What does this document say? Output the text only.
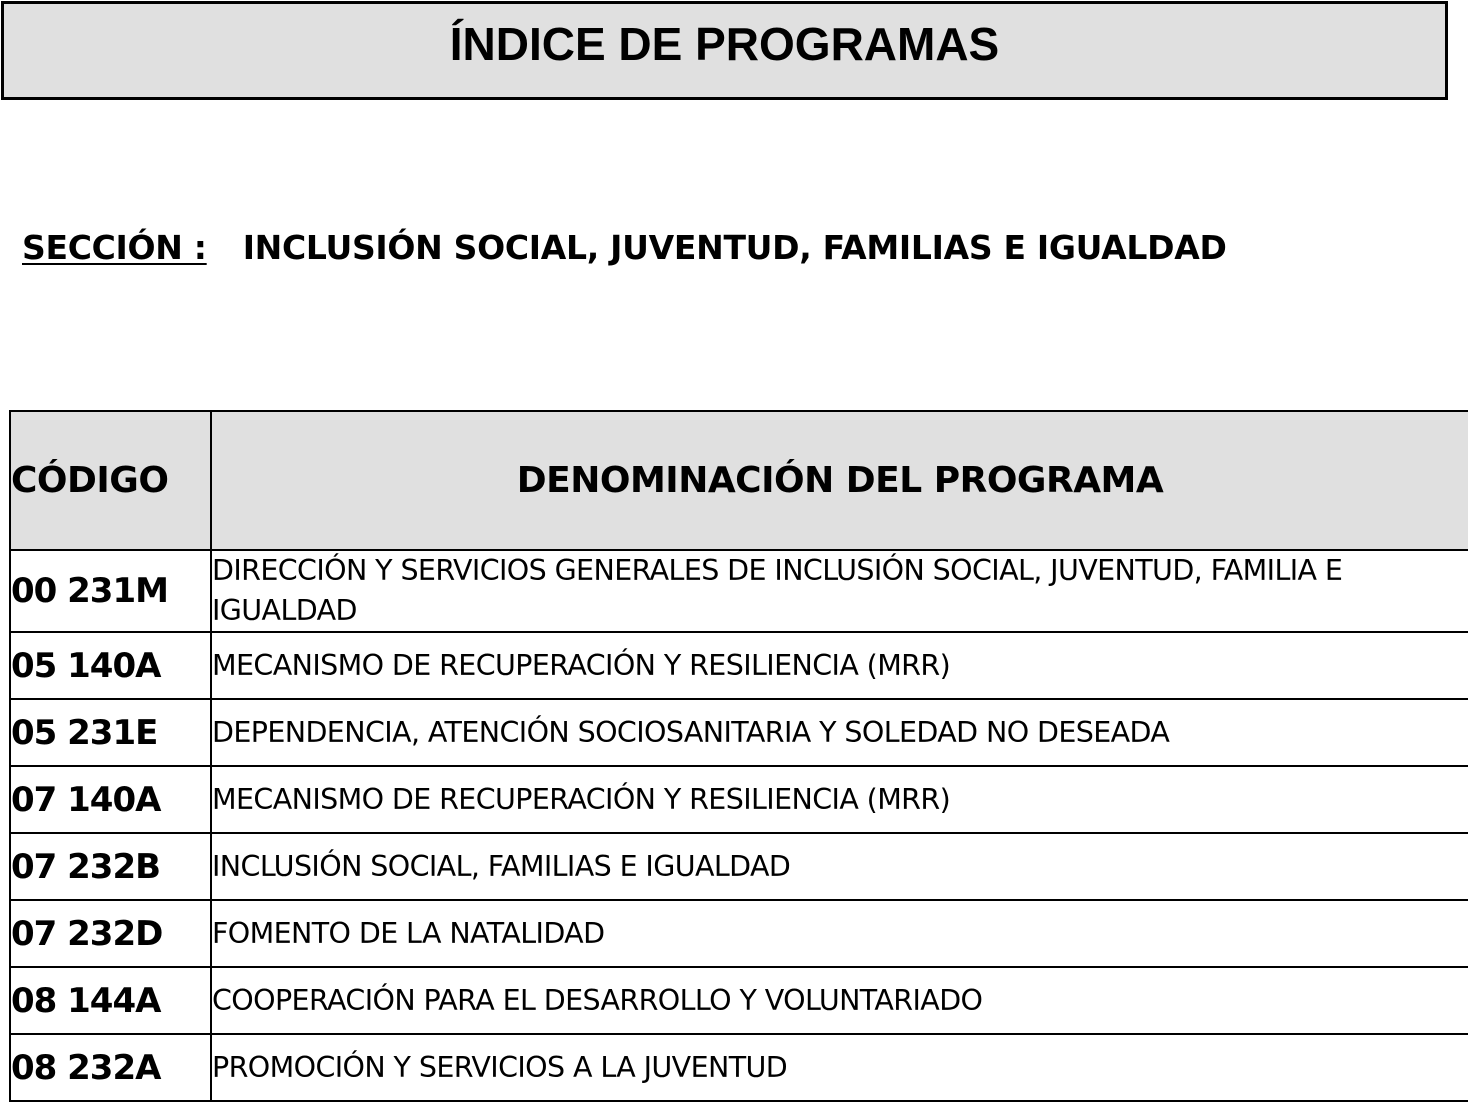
ÍNDICE DE PROGRAMAS
SECCIÓN : INCLUSIÓN SOCIAL, JUVENTUD, FAMILIAS E IGUALDAD
CÓDIGO	DENOMINACIÓN DEL PROGRAMA
00 231M	DIRECCIÓN Y SERVICIOS GENERALES DE INCLUSIÓN SOCIAL, JUVENTUD, FAMILIA E IGUALDAD
05 140A	MECANISMO DE RECUPERACIÓN Y RESILIENCIA (MRR)
05 231E	DEPENDENCIA, ATENCIÓN SOCIOSANITARIA Y SOLEDAD NO DESEADA
07 140A	MECANISMO DE RECUPERACIÓN Y RESILIENCIA (MRR)
07 232B	INCLUSIÓN SOCIAL, FAMILIAS E IGUALDAD
07 232D	FOMENTO DE LA NATALIDAD
08 144A	COOPERACIÓN PARA EL DESARROLLO Y VOLUNTARIADO
08 232A	PROMOCIÓN Y SERVICIOS A LA JUVENTUD
